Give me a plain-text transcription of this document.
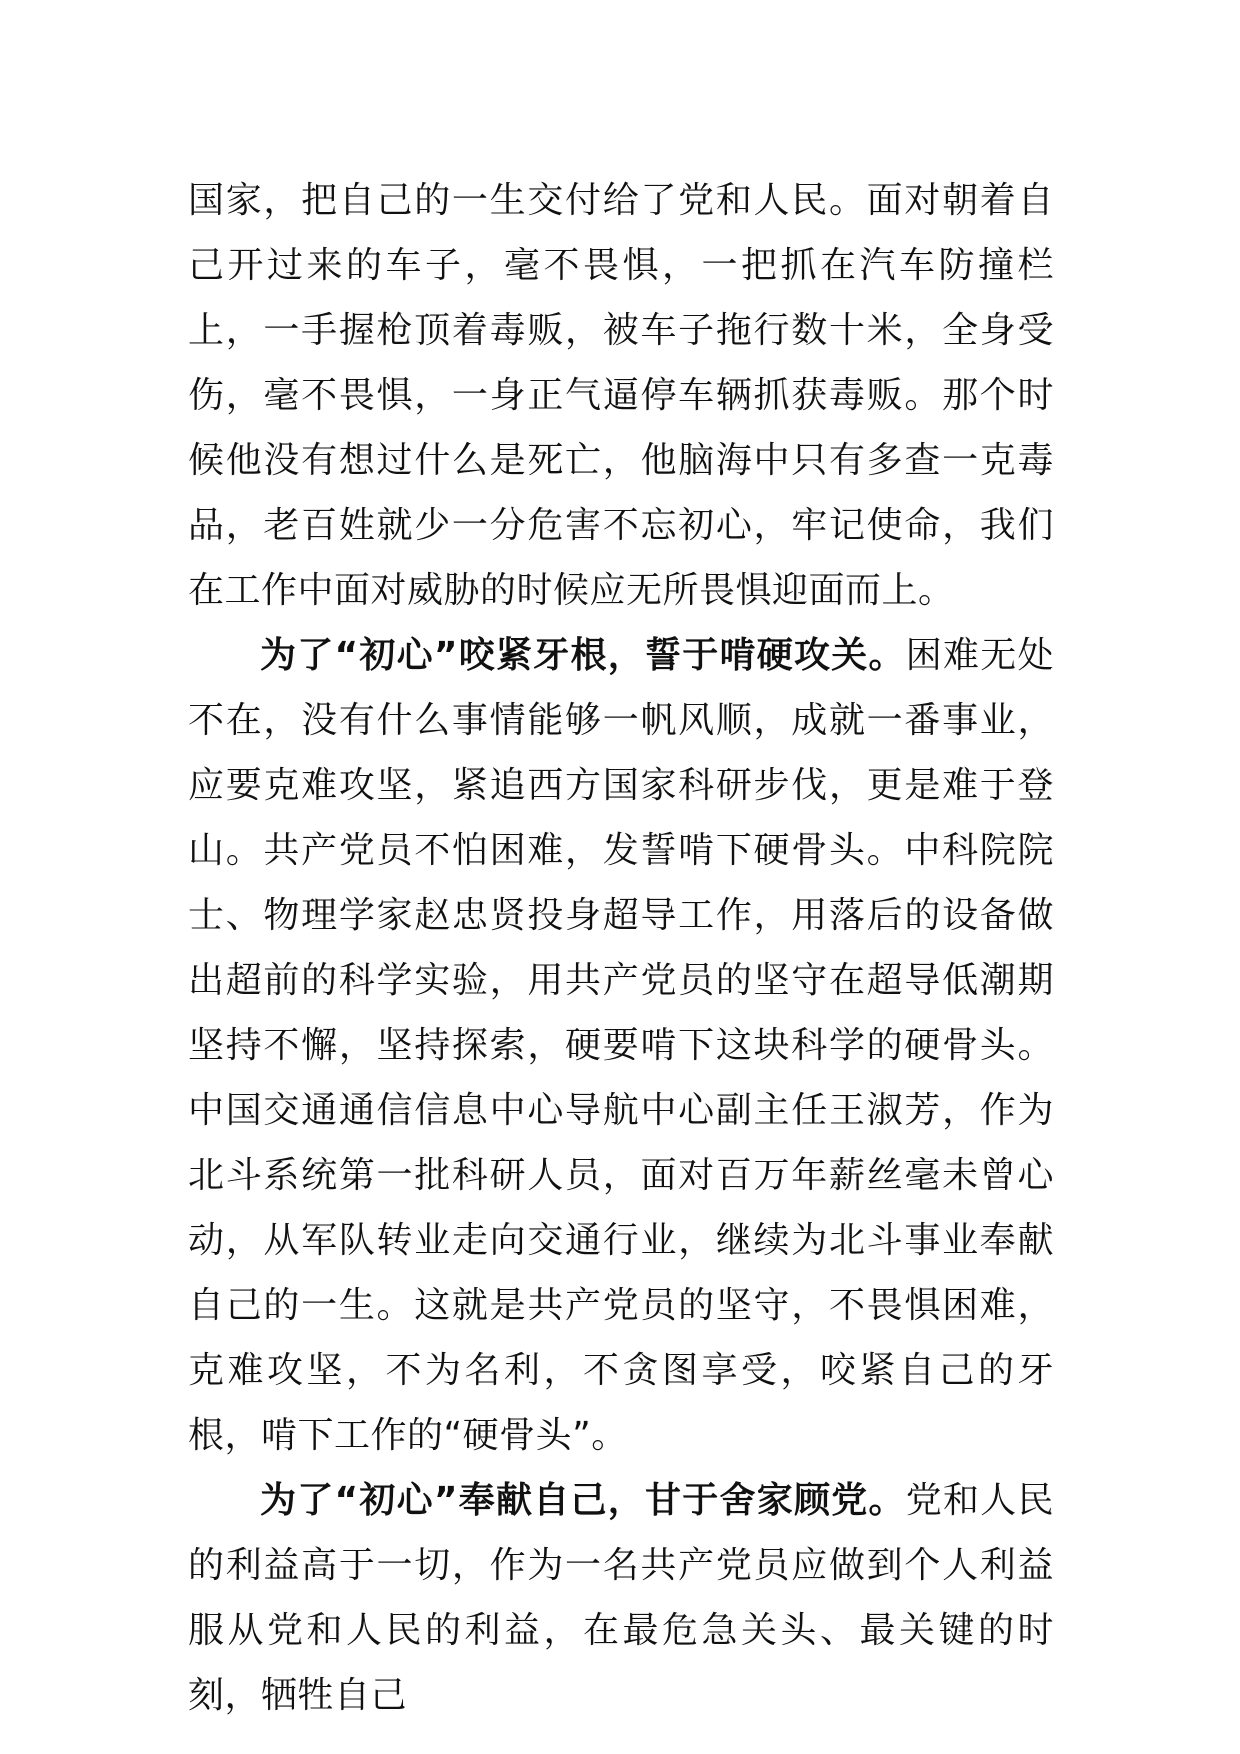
国家，把自己的一生交付给了党和人民。面对朝着自己开过来的车子，毫不畏惧，一把抓在汽车防撞栏上，一手握枪顶着毒贩，被车子拖行数十米，全身受伤，毫不畏惧，一身正气逼停车辆抓获毒贩。那个时候他没有想过什么是死亡，他脑海中只有多查一克毒品，老百姓就少一分危害不忘初心，牢记使命，我们在工作中面对威胁的时候应无所畏惧迎面而上。

为了“初心”咬紧牙根，誓于啃硬攻关。困难无处不在，没有什么事情能够一帆风顺，成就一番事业，应要克难攻坚，紧追西方国家科研步伐，更是难于登山。共产党员不怕困难，发誓啃下硬骨头。中科院院士、物理学家赵忠贤投身超导工作，用落后的设备做出超前的科学实验，用共产党员的坚守在超导低潮期坚持不懈，坚持探索，硬要啃下这块科学的硬骨头。中国交通通信信息中心导航中心副主任王淑芳，作为北斗系统第一批科研人员，面对百万年薪丝毫未曾心动，从军队转业走向交通行业，继续为北斗事业奉献自己的一生。这就是共产党员的坚守，不畏惧困难，克难攻坚，不为名利，不贪图享受，咬紧自己的牙根，啃下工作的“硬骨头”。

为了“初心”奉献自己，甘于舍家顾党。党和人民的利益高于一切，作为一名共产党员应做到个人利益服从党和人民的利益，在最危急关头、最关键的时刻，牺牲自己
